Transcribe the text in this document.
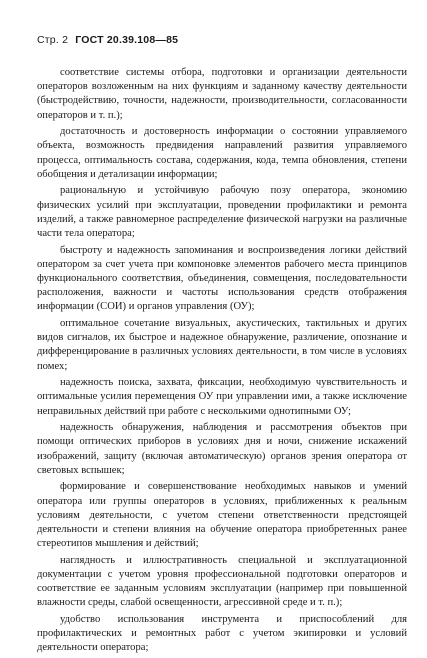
Стр. 2 ГОСТ 20.39.108—85

соответствие системы отбора, подготовки и организации деятельности операторов возложенным на них функциям и заданному качеству деятельности (быстродействию, точности, надежности, производительности, согласованности операторов и т. п.);

достаточность и достоверность информации о состоянии управляемого объекта, возможность предвидения направлений развития управляемого процесса, оптимальность состава, содержания, кода, темпа обновления, степени обобщения и детализации информации;

рациональную и устойчивую рабочую позу оператора, экономию физических усилий при эксплуатации, проведении профилактики и ремонта изделий, а также равномерное распределение физической нагрузки на различные части тела оператора;

быстроту и надежность запоминания и воспроизведения логики действий оператором за счет учета при компоновке элементов рабочего места принципов функционального соответствия, объединения, совмещения, последовательности расположения, важности и частоты использования средств отображения информации (СОИ) и органов управления (ОУ);

оптимальное сочетание визуальных, акустических, тактильных и других видов сигналов, их быстрое и надежное обнаружение, различение, опознание и дифференцирование в различных условиях деятельности, в том числе в условиях помех;

надежность поиска, захвата, фиксации, необходимую чувствительность и оптимальные усилия перемещения ОУ при управлении ими, а также исключение неправильных действий при работе с несколькими однотипными ОУ;

надежность обнаружения, наблюдения и рассмотрения объектов при помощи оптических приборов в условиях дня и ночи, снижение искажений изображений, защиту (включая автоматическую) органов зрения оператора от световых вспышек;

формирование и совершенствование необходимых навыков и умений оператора или группы операторов в условиях, приближенных к реальным условиям деятельности, с учетом степени ответственности предстоящей деятельности и степени влияния на обучение оператора приобретенных ранее стереотипов мышления и действий;

наглядность и иллюстративность специальной и эксплуатационной документации с учетом уровня профессиональной подготовки операторов и соответствие ее заданным условиям эксплуатации (например при повышенной влажности среды, слабой освещенности, агрессивной среде и т. п.);

удобство использования инструмента и приспособлений для профилактических и ремонтных работ с учетом экипировки и условий деятельности оператора;
